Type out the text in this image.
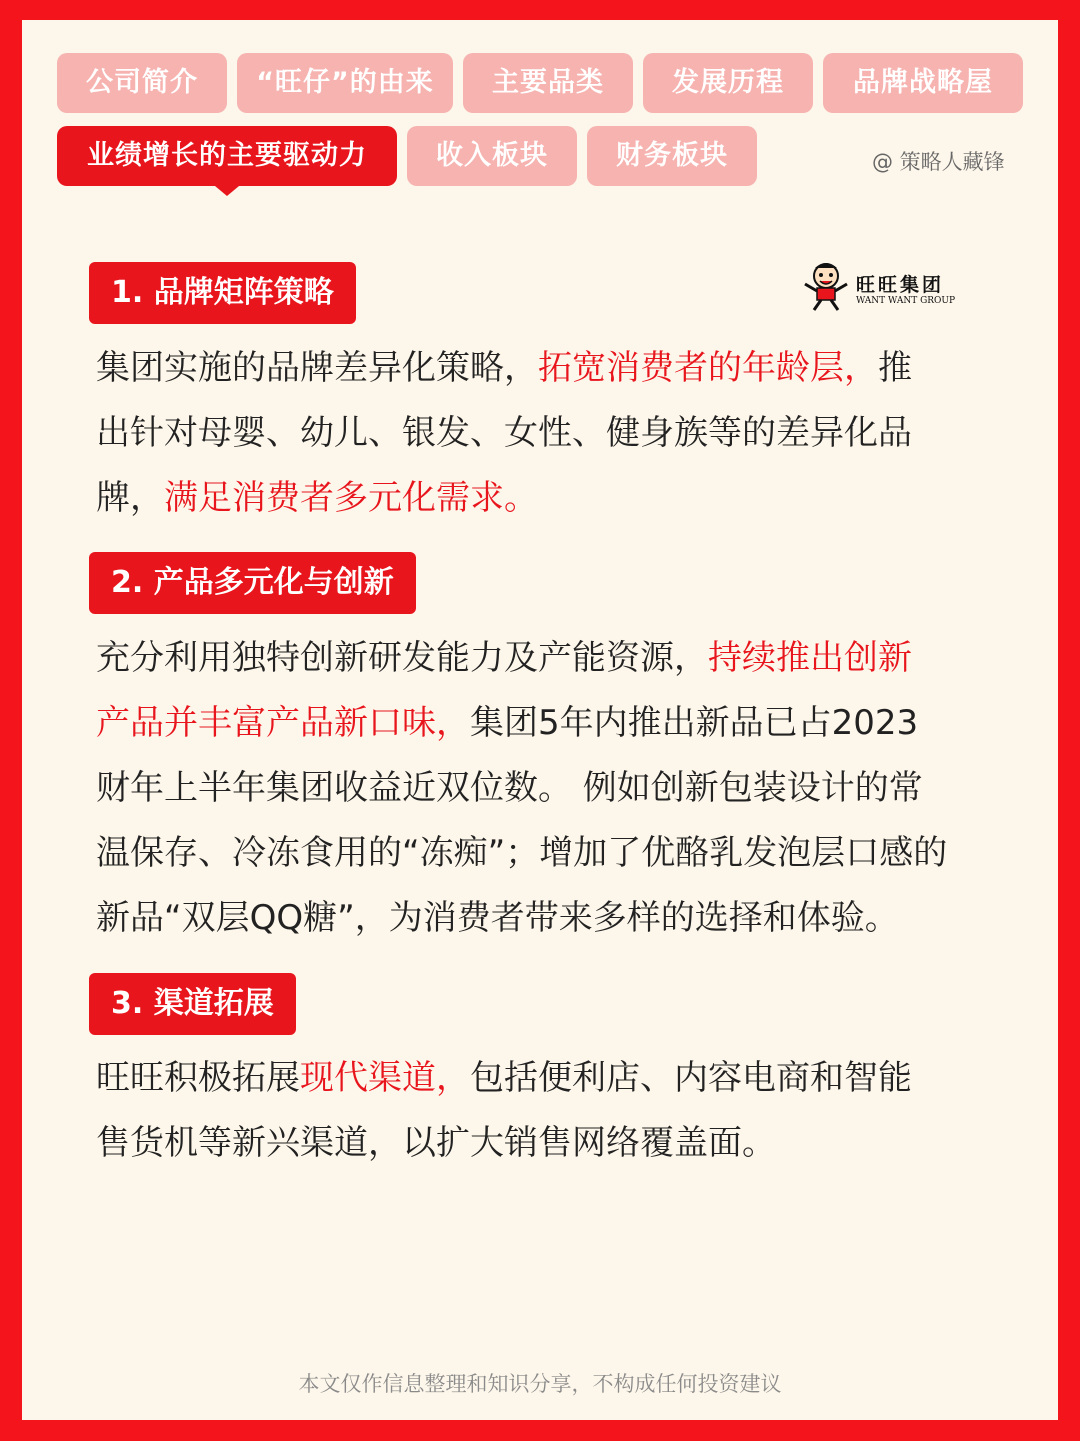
公司简介	“旺仔”的由来	主要品类	发展历程	品牌战略屋
业绩增长的主要驱动力	收入板块	财务板块	@ 策略人藏锋
旺旺集团
WANT WANT GROUP
1. 品牌矩阵策略
集团实施的品牌差异化策略，拓宽消费者的年龄层，推
出针对母婴、幼儿、银发、女性、健身族等的差异化品
牌，满足消费者多元化需求。
2. 产品多元化与创新
充分利用独特创新研发能力及产能资源，持续推出创新
产品并丰富产品新口味，集团5年内推出新品已占2023
财年上半年集团收益近双位数。 例如创新包装设计的常
温保存、冷冻食用的“冻痴”；增加了优酪乳发泡层口感的
新品“双层QQ糖”，为消费者带来多样的选择和体验。
3. 渠道拓展
旺旺积极拓展现代渠道，包括便利店、内容电商和智能
售货机等新兴渠道，以扩大销售网络覆盖面。
本文仅作信息整理和知识分享，不构成任何投资建议
